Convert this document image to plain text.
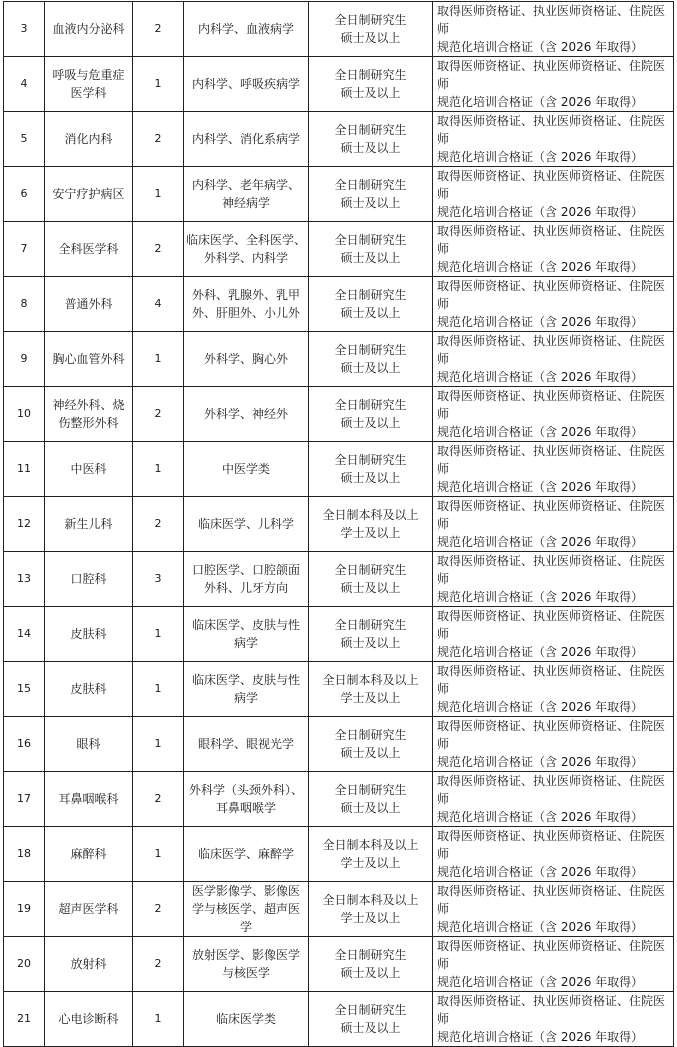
3	血液内分泌科	2	内科学、血液病学	全日制研究生
硕士及以上	取得医师资格证、执业医师资格证、住院医师
规范化培训合格证（含 2026 年取得）
4	呼吸与危重症
医学科	1	内科学、呼吸疾病学	全日制研究生
硕士及以上	取得医师资格证、执业医师资格证、住院医师
规范化培训合格证（含 2026 年取得）
5	消化内科	2	内科学、消化系病学	全日制研究生
硕士及以上	取得医师资格证、执业医师资格证、住院医师
规范化培训合格证（含 2026 年取得）
6	安宁疗护病区	1	内科学、老年病学、
神经病学	全日制研究生
硕士及以上	取得医师资格证、执业医师资格证、住院医师
规范化培训合格证（含 2026 年取得）
7	全科医学科	2	临床医学、全科医学、
外科学、内科学	全日制研究生
硕士及以上	取得医师资格证、执业医师资格证、住院医师
规范化培训合格证（含 2026 年取得）
8	普通外科	4	外科、乳腺外、乳甲
外、肝胆外、小儿外	全日制研究生
硕士及以上	取得医师资格证、执业医师资格证、住院医师
规范化培训合格证（含 2026 年取得）
9	胸心血管外科	1	外科学、胸心外	全日制研究生
硕士及以上	取得医师资格证、执业医师资格证、住院医师
规范化培训合格证（含 2026 年取得）
10	神经外科、烧
伤整形外科	2	外科学、神经外	全日制研究生
硕士及以上	取得医师资格证、执业医师资格证、住院医师
规范化培训合格证（含 2026 年取得）
11	中医科	1	中医学类	全日制研究生
硕士及以上	取得医师资格证、执业医师资格证、住院医师
规范化培训合格证（含 2026 年取得）
12	新生儿科	2	临床医学、儿科学	全日制本科及以上
学士及以上	取得医师资格证、执业医师资格证、住院医师
规范化培训合格证（含 2026 年取得）
13	口腔科	3	口腔医学、口腔颌面
外科、儿牙方向	全日制研究生
硕士及以上	取得医师资格证、执业医师资格证、住院医师
规范化培训合格证（含 2026 年取得）
14	皮肤科	1	临床医学、皮肤与性
病学	全日制研究生
硕士及以上	取得医师资格证、执业医师资格证、住院医师
规范化培训合格证（含 2026 年取得）
15	皮肤科	1	临床医学、皮肤与性
病学	全日制本科及以上
学士及以上	取得医师资格证、执业医师资格证、住院医师
规范化培训合格证（含 2026 年取得）
16	眼科	1	眼科学、眼视光学	全日制研究生
硕士及以上	取得医师资格证、执业医师资格证、住院医师
规范化培训合格证（含 2026 年取得）
17	耳鼻咽喉科	2	外科学（头颈外科）、
耳鼻咽喉学	全日制研究生
硕士及以上	取得医师资格证、执业医师资格证、住院医师
规范化培训合格证（含 2026 年取得）
18	麻醉科	1	临床医学、麻醉学	全日制本科及以上
学士及以上	取得医师资格证、执业医师资格证、住院医师
规范化培训合格证（含 2026 年取得）
19	超声医学科	2	医学影像学、影像医
学与核医学、超声医
学	全日制本科及以上
学士及以上	取得医师资格证、执业医师资格证、住院医师
规范化培训合格证（含 2026 年取得）
20	放射科	2	放射医学、影像医学
与核医学	全日制研究生
硕士及以上	取得医师资格证、执业医师资格证、住院医师
规范化培训合格证（含 2026 年取得）
21	心电诊断科	1	临床医学类	全日制研究生
硕士及以上	取得医师资格证、执业医师资格证、住院医师
规范化培训合格证（含 2026 年取得）
